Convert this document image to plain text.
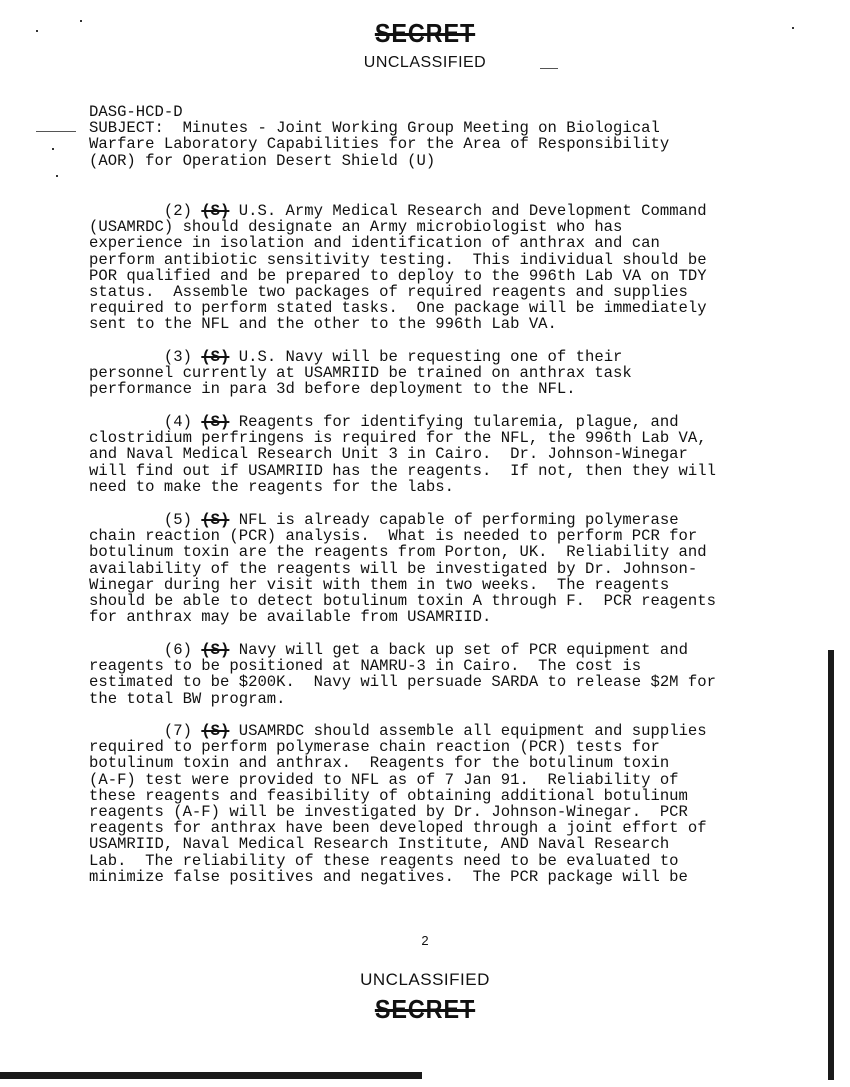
SECRET
UNCLASSIFIED
DASG-HCD-D
SUBJECT:  Minutes - Joint Working Group Meeting on Biological
Warfare Laboratory Capabilities for the Area of Responsibility
(AOR) for Operation Desert Shield (U)
(2) (S) U.S. Army Medical Research and Development Command
(USAMRDC) should designate an Army microbiologist who has
experience in isolation and identification of anthrax and can
perform antibiotic sensitivity testing.  This individual should be
POR qualified and be prepared to deploy to the 996th Lab VA on TDY
status.  Assemble two packages of required reagents and supplies
required to perform stated tasks.  One package will be immediately
sent to the NFL and the other to the 996th Lab VA.
(3) (S) U.S. Navy will be requesting one of their
personnel currently at USAMRIID be trained on anthrax task
performance in para 3d before deployment to the NFL.
(4) (S) Reagents for identifying tularemia, plague, and
clostridium perfringens is required for the NFL, the 996th Lab VA,
and Naval Medical Research Unit 3 in Cairo.  Dr. Johnson-Winegar
will find out if USAMRIID has the reagents.  If not, then they will
need to make the reagents for the labs.
(5) (S) NFL is already capable of performing polymerase
chain reaction (PCR) analysis.  What is needed to perform PCR for
botulinum toxin are the reagents from Porton, UK.  Reliability and
availability of the reagents will be investigated by Dr. Johnson-
Winegar during her visit with them in two weeks.  The reagents
should be able to detect botulinum toxin A through F.  PCR reagents
for anthrax may be available from USAMRIID.
(6) (S) Navy will get a back up set of PCR equipment and
reagents to be positioned at NAMRU-3 in Cairo.  The cost is
estimated to be $200K.  Navy will persuade SARDA to release $2M for
the total BW program.
(7) (S) USAMRDC should assemble all equipment and supplies
required to perform polymerase chain reaction (PCR) tests for
botulinum toxin and anthrax.  Reagents for the botulinum toxin
(A-F) test were provided to NFL as of 7 Jan 91.  Reliability of
these reagents and feasibility of obtaining additional botulinum
reagents (A-F) will be investigated by Dr. Johnson-Winegar.  PCR
reagents for anthrax have been developed through a joint effort of
USAMRIID, Naval Medical Research Institute, AND Naval Research
Lab.  The reliability of these reagents need to be evaluated to
minimize false positives and negatives.  The PCR package will be
2
UNCLASSIFIED
SECRET
